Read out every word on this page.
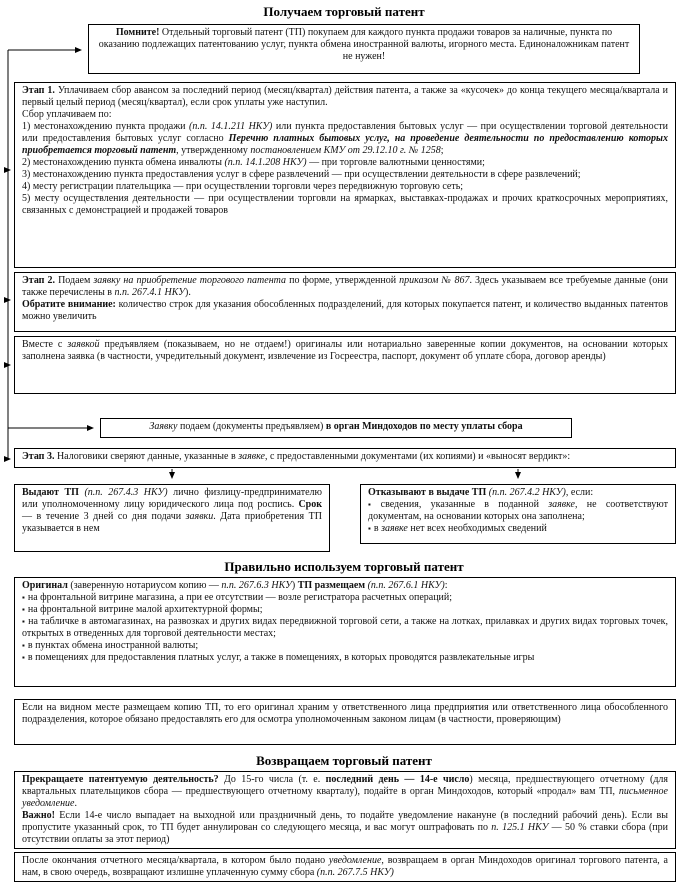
Получаем торговый патент

Помните! Отдельный торговый патент (ТП) покупаем для каждого пункта продажи товаров за наличные, пункта по оказанию подлежащих патентованию услуг, пункта обмена иностранной валюты, игорного места. Единоналожникам патент не нужен!

Этап 1. Уплачиваем сбор авансом за последний период (месяц/квартал) действия патента, а также за «кусочек» до конца текущего месяца/квартала и первый целый период (месяц/квартал), если срок уплаты уже наступил.

Сбор уплачиваем по:

1) местонахождению пункта продажи (п.п. 14.1.211 НКУ) или пункта предоставления бытовых услуг — при осуществлении торговой деятельности или предоставления бытовых услуг согласно Перечню платных бытовых услуг, на проведение деятельности по предоставлению которых приобретается торговый патент, утвержденному постановлением КМУ от 29.12.10 г. № 1258;

2) местонахождению пункта обмена инвалюты (п.п. 14.1.208 НКУ) — при торговле валютными ценностями;

3) местонахождению пункта предоставления услуг в сфере развлечений — при осуществлении деятельности в сфере развлечений;

4) месту регистрации плательщика — при осуществлении торговли через передвижную торговую сеть;

5) месту осуществления деятельности — при осуществлении торговли на ярмарках, выставках-продажах и прочих краткосрочных мероприятиях, связанных с демонстрацией и продажей товаров

Этап 2. Подаем заявку на приобретение торгового патента по форме, утвержденной приказом № 867. Здесь указываем все требуемые данные (они также перечислены в п.п. 267.4.1 НКУ).

Обратите внимание: количество строк для указания обособленных подразделений, для которых покупается патент, и количество выданных патентов можно увеличить

Вместе с заявкой предъявляем (показываем, но не отдаем!) оригиналы или нотариально заверенные копии документов, на основании которых заполнена заявка (в частности, учредительный документ, извлечение из Госреестра, паспорт, документ об уплате сбора, договор аренды)

Заявку подаем (документы предъявляем) в орган Миндоходов по месту уплаты сбора

Этап 3. Налоговики сверяют данные, указанные в заявке, с предоставленными документами (их копиями) и «выносят вердикт»:

Выдают ТП (п.п. 267.4.3 НКУ) лично физлицу-предпринимателю или уполномоченному лицу юридического лица под роспись. Срок — в течение 3 дней со дня подачи заявки. Дата приобретения ТП указывается в нем

Отказывают в выдаче ТП (п.п. 267.4.2 НКУ), если:

▪ сведения, указанные в поданной заявке, не соответствуют документам, на основании которых она заполнена;

▪ в заявке нет всех необходимых сведений

Правильно используем торговый патент

Оригинал (заверенную нотариусом копию — п.п. 267.6.3 НКУ) ТП размещаем (п.п. 267.6.1 НКУ):

▪ на фронтальной витрине магазина, а при ее отсутствии — возле регистратора расчетных операций;

▪ на фронтальной витрине малой архитектурной формы;

▪ на табличке в автомагазинах, на развозках и других видах передвижной торговой сети, а также на лотках, прилавках и других видах торговых точек, открытых в отведенных для торговой деятельности местах;

▪ в пунктах обмена иностранной валюты;

▪ в помещениях для предоставления платных услуг, а также в помещениях, в которых проводятся развлекательные игры

Если на видном месте размещаем копию ТП, то его оригинал храним у ответственного лица предприятия или ответственного лица обособленного подразделения, которое обязано предоставлять его для осмотра уполномоченным законом лицам (в частности, проверяющим)

Возвращаем торговый патент

Прекращаете патентуемую деятельность? До 15-го числа (т. е. последний день — 14-е число) месяца, предшествующего отчетному (для квартальных плательщиков сбора — предшествующего отчетному кварталу), подайте в орган Миндоходов, который «продал» вам ТП, письменное уведомление.

Важно! Если 14-е число выпадает на выходной или праздничный день, то подайте уведомление накануне (в последний рабочий день). Если вы пропустите указанный срок, то ТП будет аннулирован со следующего месяца, и вас могут оштрафовать по п. 125.1 НКУ — 50 % ставки сбора (при отсутствии оплаты за этот период)

После окончания отчетного месяца/квартала, в котором было подано уведомление, возвращаем в орган Миндоходов оригинал торгового патента, а нам, в свою очередь, возвращают излишне уплаченную сумму сбора (п.п. 267.7.5 НКУ)
